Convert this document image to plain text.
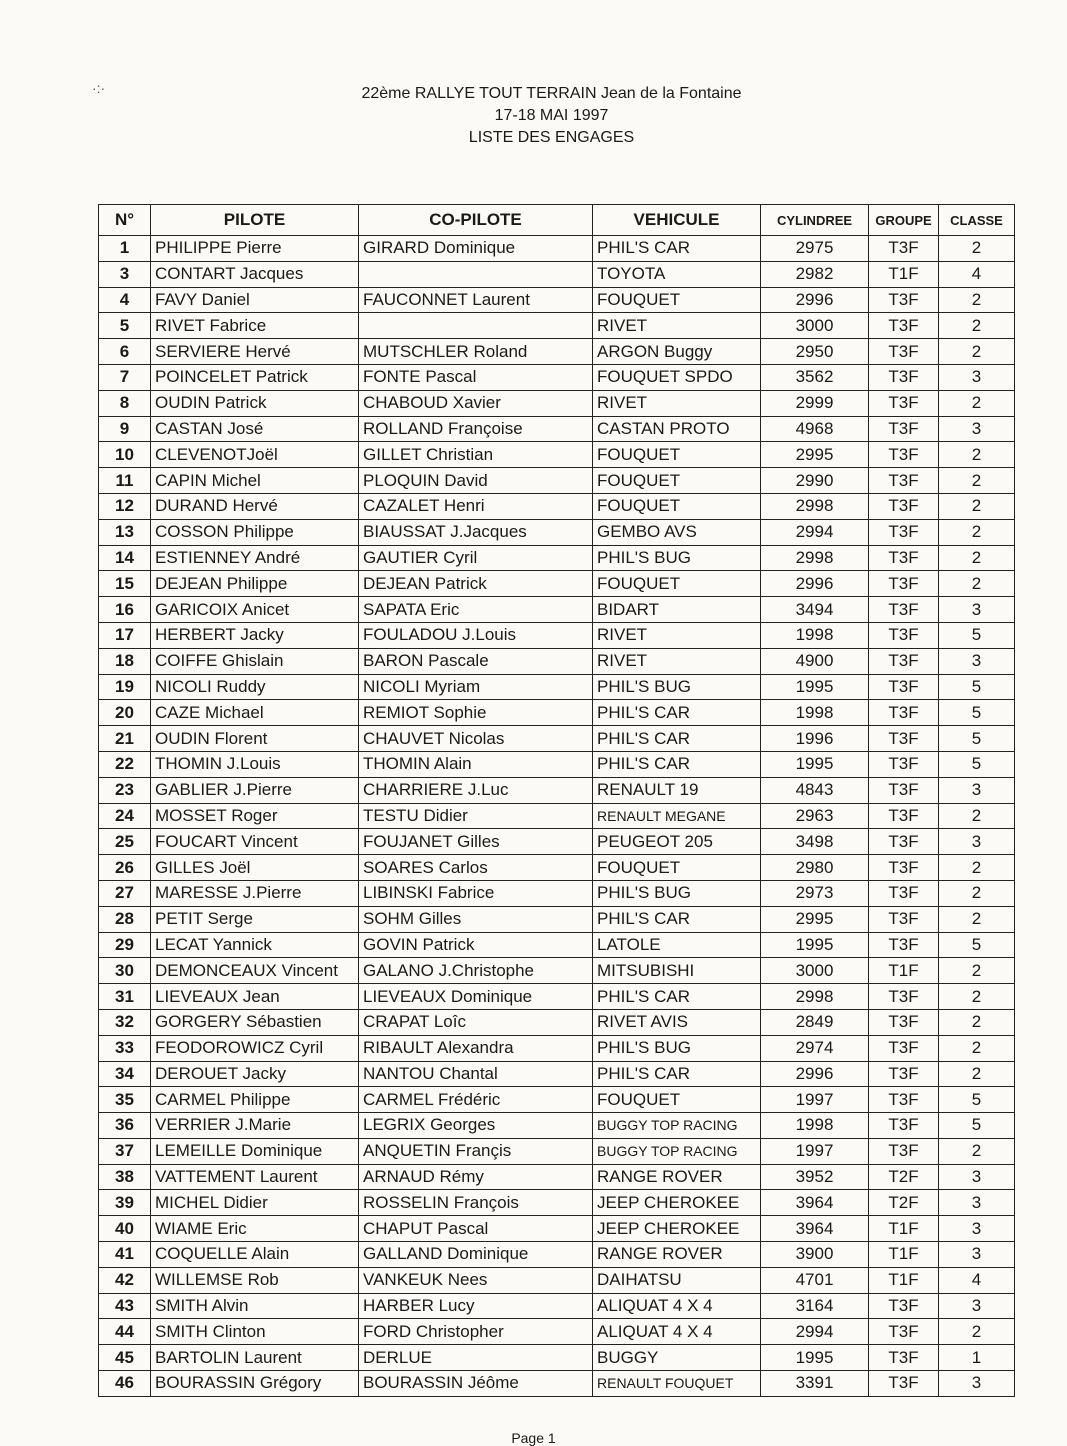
·:·	22ème RALLYE TOUT TERRAIN Jean de la Fontaine
17-18 MAI 1997
LISTE DES ENGAGES
N°	PILOTE	CO-PILOTE	VEHICULE	CYLINDREE	GROUPE	CLASSE
1	PHILIPPE Pierre	GIRARD Dominique	PHIL'S CAR	2975	T3F	2
3	CONTART Jacques		TOYOTA	2982	T1F	4
4	FAVY Daniel	FAUCONNET Laurent	FOUQUET	2996	T3F	2
5	RIVET Fabrice		RIVET	3000	T3F	2
6	SERVIERE Hervé	MUTSCHLER Roland	ARGON Buggy	2950	T3F	2
7	POINCELET Patrick	FONTE Pascal	FOUQUET SPDO	3562	T3F	3
8	OUDIN Patrick	CHABOUD Xavier	RIVET	2999	T3F	2
9	CASTAN José	ROLLAND Françoise	CASTAN PROTO	4968	T3F	3
10	CLEVENOTJoël	GILLET Christian	FOUQUET	2995	T3F	2
11	CAPIN Michel	PLOQUIN David	FOUQUET	2990	T3F	2
12	DURAND Hervé	CAZALET Henri	FOUQUET	2998	T3F	2
13	COSSON Philippe	BIAUSSAT J.Jacques	GEMBO AVS	2994	T3F	2
14	ESTIENNEY André	GAUTIER Cyril	PHIL'S BUG	2998	T3F	2
15	DEJEAN Philippe	DEJEAN Patrick	FOUQUET	2996	T3F	2
16	GARICOIX Anicet	SAPATA Eric	BIDART	3494	T3F	3
17	HERBERT Jacky	FOULADOU J.Louis	RIVET	1998	T3F	5
18	COIFFE Ghislain	BARON Pascale	RIVET	4900	T3F	3
19	NICOLI Ruddy	NICOLI Myriam	PHIL'S BUG	1995	T3F	5
20	CAZE Michael	REMIOT Sophie	PHIL'S CAR	1998	T3F	5
21	OUDIN Florent	CHAUVET Nicolas	PHIL'S CAR	1996	T3F	5
22	THOMIN J.Louis	THOMIN Alain	PHIL'S CAR	1995	T3F	5
23	GABLIER J.Pierre	CHARRIERE J.Luc	RENAULT 19	4843	T3F	3
24	MOSSET Roger	TESTU Didier	RENAULT MEGANE	2963	T3F	2
25	FOUCART Vincent	FOUJANET Gilles	PEUGEOT 205	3498	T3F	3
26	GILLES Joël	SOARES Carlos	FOUQUET	2980	T3F	2
27	MARESSE J.Pierre	LIBINSKI Fabrice	PHIL'S BUG	2973	T3F	2
28	PETIT Serge	SOHM Gilles	PHIL'S CAR	2995	T3F	2
29	LECAT Yannick	GOVIN Patrick	LATOLE	1995	T3F	5
30	DEMONCEAUX Vincent	GALANO J.Christophe	MITSUBISHI	3000	T1F	2
31	LIEVEAUX Jean	LIEVEAUX Dominique	PHIL'S CAR	2998	T3F	2
32	GORGERY Sébastien	CRAPAT Loîc	RIVET AVIS	2849	T3F	2
33	FEODOROWICZ Cyril	RIBAULT Alexandra	PHIL'S BUG	2974	T3F	2
34	DEROUET Jacky	NANTOU Chantal	PHIL'S CAR	2996	T3F	2
35	CARMEL Philippe	CARMEL Frédéric	FOUQUET	1997	T3F	5
36	VERRIER J.Marie	LEGRIX Georges	BUGGY TOP RACING	1998	T3F	5
37	LEMEILLE Dominique	ANQUETIN Françis	BUGGY TOP RACING	1997	T3F	2
38	VATTEMENT Laurent	ARNAUD Rémy	RANGE ROVER	3952	T2F	3
39	MICHEL Didier	ROSSELIN François	JEEP CHEROKEE	3964	T2F	3
40	WIAME Eric	CHAPUT Pascal	JEEP CHEROKEE	3964	T1F	3
41	COQUELLE Alain	GALLAND Dominique	RANGE ROVER	3900	T1F	3
42	WILLEMSE Rob	VANKEUK Nees	DAIHATSU	4701	T1F	4
43	SMITH Alvin	HARBER Lucy	ALIQUAT 4 X 4	3164	T3F	3
44	SMITH Clinton	FORD Christopher	ALIQUAT 4 X 4	2994	T3F	2
45	BARTOLIN Laurent	DERLUE	BUGGY	1995	T3F	1
46	BOURASSIN Grégory	BOURASSIN Jéôme	RENAULT FOUQUET	3391	T3F	3
Page 1
